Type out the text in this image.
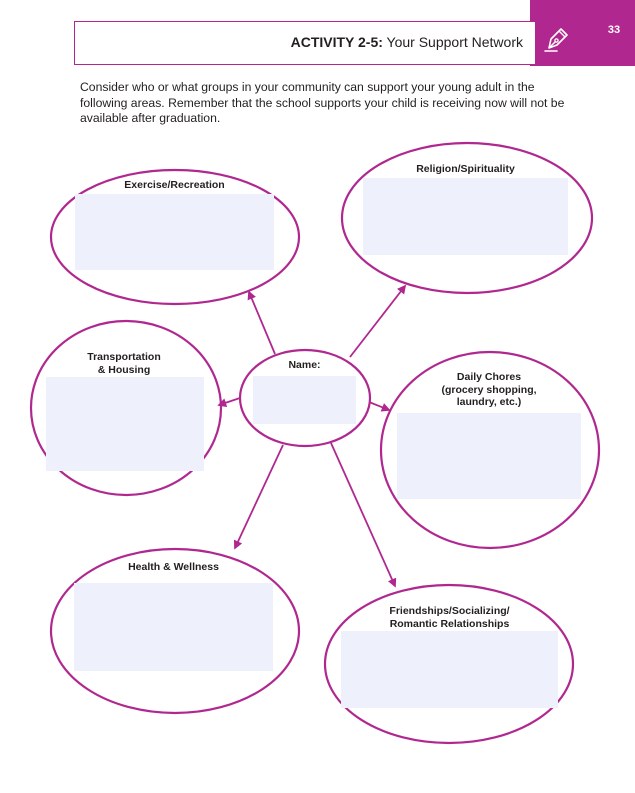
33
ACTIVITY 2-5: Your Support Network

Consider who or what groups in your community can support your young adult in the following areas. Remember that the school supports your child is receiving now will not be available after graduation.

Exercise/Recreation
Religion/Spirituality
Transportation
& Housing
Daily Chores
(grocery shopping,
laundry, etc.)
Health & Wellness
Friendships/Socializing/
Romantic Relationships
Name:
